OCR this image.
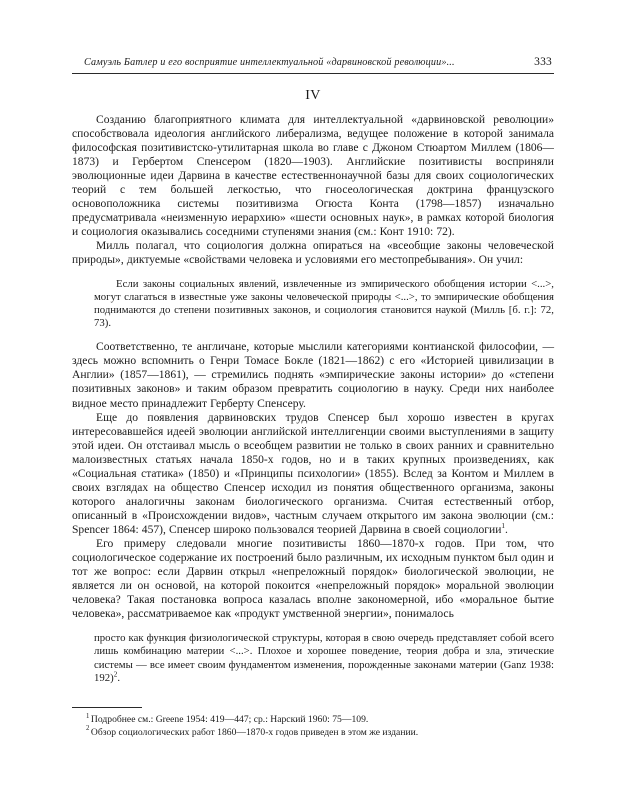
Самуэль Батлер и его восприятие интеллектуальной «дарвиновской революции»...	333
IV

Созданию благоприятного климата для интеллектуальной «дарвиновской революции» способствовала идеология английского либерализма, ведущее положение в которой занимала философская позитивистско-утилитарная школа во главе с Джоном Стюартом Миллем (1806—1873) и Гербертом Спенсером (1820—1903). Английские позитивисты восприняли эволюционные идеи Дарвина в качестве естественнонаучной базы для своих социологических теорий с тем большей легкостью, что гносеологическая доктрина французского основоположника системы позитивизма Огюста Конта (1798—1857) изначально предусматривала «неизменную иерархию» «шести основных наук», в рамках которой биология и социология оказывались соседними ступенями знания (см.: Конт 1910: 72).

Милль полагал, что социология должна опираться на «всеобщие законы человеческой природы», диктуемые «свойствами человека и условиями его местопребывания». Он учил:

Если законы социальных явлений, извлеченные из эмпирического обобщения истории <...>, могут слагаться в известные уже законы человеческой природы <...>, то эмпирические обобщения поднимаются до степени позитивных законов, и социология становится наукой (Милль [б. г.]: 72, 73).

Соответственно, те англичане, которые мыслили категориями контианской философии, — здесь можно вспомнить о Генри Томасе Бокле (1821—1862) с его «Историей цивилизации в Англии» (1857—1861), — стремились поднять «эмпирические законы истории» до «степени позитивных законов» и таким образом превратить социологию в науку. Среди них наиболее видное место принадлежит Герберту Спенсеру.

Еще до появления дарвиновских трудов Спенсер был хорошо известен в кругах интересовавшейся идеей эволюции английской интеллигенции своими выступлениями в защиту этой идеи. Он отстаивал мысль о всеобщем развитии не только в своих ранних и сравнительно малоизвестных статьях начала 1850-х годов, но и в таких крупных произведениях, как «Социальная статика» (1850) и «Принципы психологии» (1855). Вслед за Контом и Миллем в своих взглядах на общество Спенсер исходил из понятия общественного организма, законы которого аналогичны законам биологического организма. Считая естественный отбор, описанный в «Происхождении видов», частным случаем открытого им закона эволюции (см.: Spencer 1864: 457), Спенсер широко пользовался теорией Дарвина в своей социологии$^1$.

Его примеру следовали многие позитивисты 1860—1870-х годов. При том, что социологическое содержание их построений было различным, их исходным пунктом был один и тот же вопрос: если Дарвин открыл «непреложный порядок» биологической эволюции, не является ли он основой, на которой покоится «непреложный порядок» моральной эволюции человека? Такая постановка вопроса казалась вполне закономерной, ибо «моральное бытие человека», рассматриваемое как «продукт умственной энергии», понималось

просто как функция физиологической структуры, которая в свою очередь представляет собой всего лишь комбинацию материи <...>. Плохое и хорошее поведение, теория добра и зла, этические системы — все имеет своим фундаментом изменения, порожденные законами материи (Ganz 1938: 192)$^2$.

$^1$ Подробнее см.: Greene 1954: 419—447; ср.: Нарский 1960: 75—109.

$^2$ Обзор социологических работ 1860—1870-х годов приведен в этом же издании.
